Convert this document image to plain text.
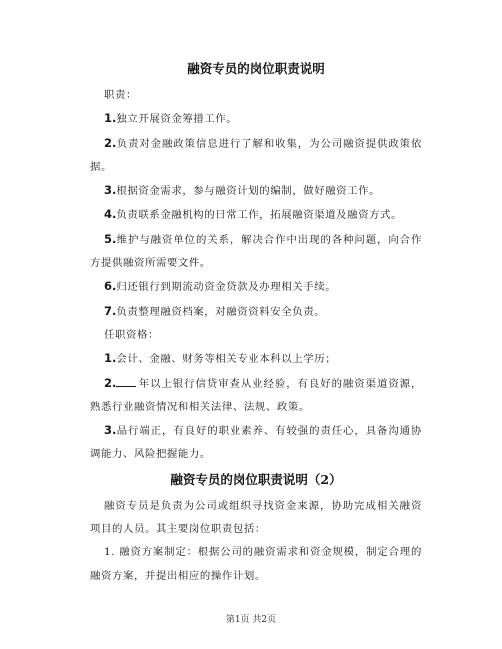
融资专员的岗位职责说明

职责：

1.独立开展资金筹措工作。

2.负责对金融政策信息进行了解和收集，为公司融资提供政策依据。

3.根据资金需求，参与融资计划的编制，做好融资工作。

4.负责联系金融机构的日常工作，拓展融资渠道及融资方式。

5.维护与融资单位的关系，解决合作中出现的各种问题，向合作方提供融资所需要文件。

6.归还银行到期流动资金贷款及办理相关手续。

7.负责整理融资档案，对融资资料安全负责。

任职资格：

1.会计、金融、财务等相关专业本科以上学历；

2. 年以上银行信贷审查从业经验，有良好的融资渠道资源，熟悉行业融资情况和相关法律、法规、政策。

3.品行端正，有良好的职业素养、有较强的责任心，具备沟通协调能力、风险把握能力。

融资专员的岗位职责说明（2）

融资专员是负责为公司或组织寻找资金来源，协助完成相关融资项目的人员。其主要岗位职责包括：

1. 融资方案制定：根据公司的融资需求和资金规模，制定合理的融资方案，并提出相应的操作计划。

第1页 共2页
